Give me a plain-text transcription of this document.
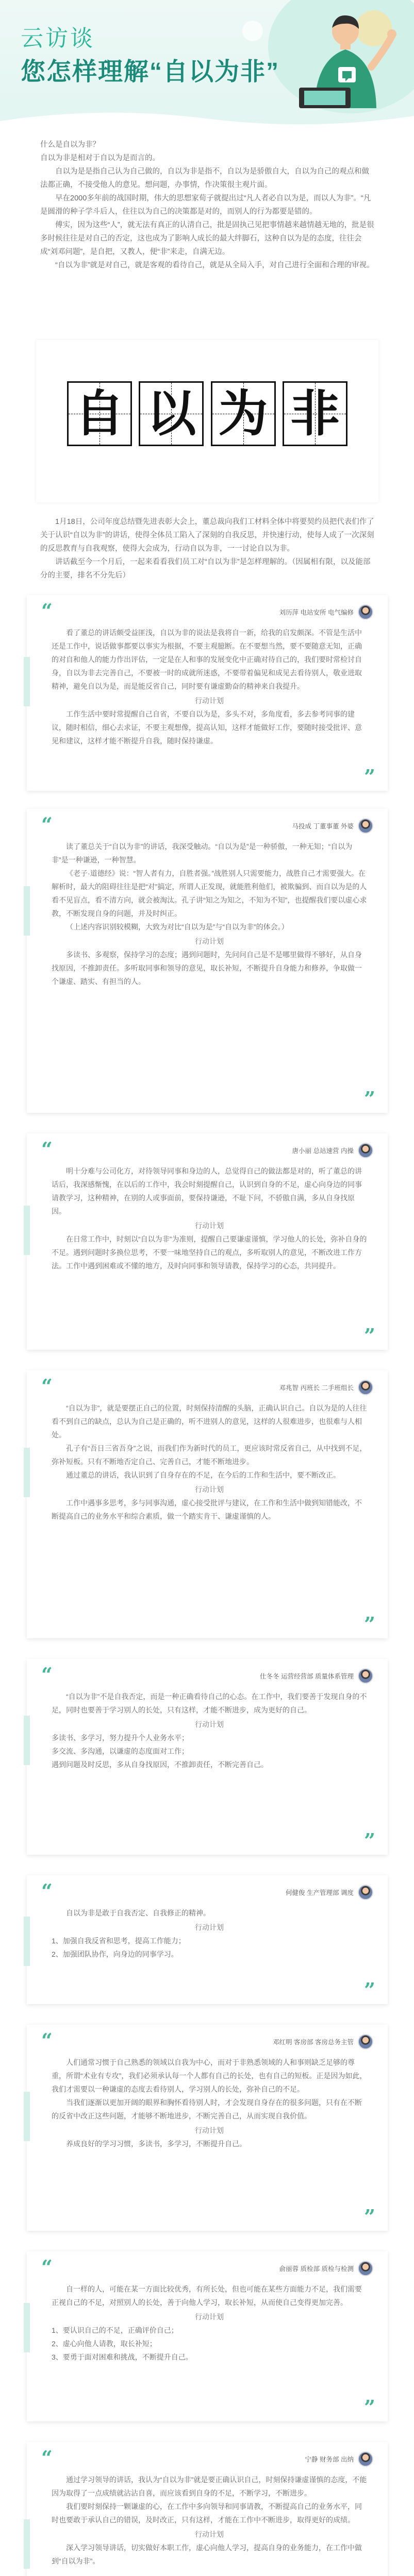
云访谈
您怎样理解“自以为非”

什么是自以为非？

自以为非是相对于自以为是而言的。

自以为是是指自己认为自己做的，自以为非是指不，自以为是骄傲自大，自以为自己的观点和做法都正确，不接受他人的意见。想问题，办事情，作决策很主观片面。

早在2000多年前的战国时期，伟大的思想家荀子就提出过“凡人者必自以为是，而以人为非”。“凡是圆滑的种子学斗后人，住往以为自己的决策都是对的，而别人的行为都要是错的。

傅实，因为这些“人”，就无法有真正的认清自己，批是固执己见把事情越来越情越无地的，批是很多时候往往是对自己的否定，这也成为了影响人成长的最大绊脚石，这种自以为是的态度，往往会成“刘邓问题”，是自把，又教人，便“非”来走，自满无边。

“自以为非”就是对自己，就是客观的看待自己，就是从全局入手，对自己进行全面和合理的审视。

自 以 为 非

1月18日，公司年度总结暨先进表彰大会上，董总裁向我们工材料全体中将要契约员把代表们作了关于认识“自以为非”的讲话，使得全体员工陷入了深刻的自我反思，并快速行动，使每人成了一次深刻的反思教育与自我观察，使得大会成为，行动自以为非，一一讨论自以为非。

讲话截至今一个月后，一起来看看我们员工对“自以为非”是怎样理解的。（因属相有限，以及能部分的主要，排名不分先后）

“	刘历萍 电站安所 电气编修

看了董总的讲话颇受益匪浅，自以为非的说法是我将自一新，给我的启发颇深。不管是生活中还是工作中，说话做事都要以事实为根据，不要主观臆断。在不要想当然，要不要随意无知，正确的对自和他人的能力作出评估，一定是在人和事的发展变化中正确对待自己的，我们要时常检讨自身，自以为非去完善自己，不要被一时的成就所迷惑，不要带着偏见和成见去看待别人，敬业进取精神，避免自以为是，而是能反省自己，同时要有谦虚勤奋的精神来自我提升。

行动计划

工作生活中要时常提醒自己自省，不要自以为是，多头不对，多角度看，多去参考同事的建议，随时相信，细心去求证，不要主观想像，提高认知，这样才能做好工作，要随时接受批评、意见和建议，这样才能不断提升自我，随时保持谦虚。

”
“	马投成 丁董事董 外婆

读了董总关于“自以为非”的讲话，我深受触动。“自以为是”是一种骄傲，一种无知；“自以为非”是一种谦逊，一种智慧。

《老子·道德经》说：“智人者有力，自胜者强。”战胜别人只需要能力，战胜自己才需要强大。在解析时，最大的阻碍往往是把“对”搞定，所谓人正发现，就能胜利他们，被欺骗到、而自以为是的人看不见盲点，看不清方向，就会被淘汰。孔子讲“知之为知之，不知为不知”，也提醒我们要以虚心求教，不断发现自身的问题，并及时纠正。

（上述内容识别较模糊，大致为对比“自以为是”与“自以为非”的体会。）

行动计划

多读书、多观察，保持学习的态度；遇到问题时，先问问自己是不是哪里做得不够好，从自身找原因，不推卸责任。多听取同事和领导的意见，取长补短，不断提升自身能力和修养，争取做一个谦虚、踏实、有担当的人。

”
“	唐小丽 总站速营 内操

明十分难与公司化方，对待领导同事和身边的人，总觉得自己的做法都是对的，听了董总的讲话后，我深感惭愧，在以后的工作中，我会时刻提醒自己，认识到自身的不足，虚心向身边的同事请教学习，这种精神，在别的人或事面前，要保持谦逊，不耻下问，不骄傲自满，多从自身找原因。

行动计划

在日常工作中，时刻以“自以为非”为准则，提醒自己要谦虚谨慎，学习他人的长处，弥补自身的不足。遇到问题时多换位思考，不要一味地坚持自己的观点，多听取别人的意见，不断改进工作方法。工作中遇到困难或不懂的地方，及时向同事和领导请教，保持学习的心态，共同提升。

”
“	邓兆智 丙班长 二手班组长

“自以为非”，就是要摆正自己的位置，时刻保持清醒的头脑，正确认识自己。自以为是的人往往看不到自己的缺点，总认为自己是正确的，听不进别人的意见，这样的人很难进步，也很难与人相处。

孔子有“吾日三省吾身”之说，而我们作为新时代的员工，更应该时常反省自己，从中找到不足，弥补短板。只有不断地否定自己、完善自己，才能不断地进步。

通过董总的讲话，我认识到了自身存在的不足，在今后的工作和生活中，要不断改正。

行动计划

工作中遇事多思考，多与同事沟通，虚心接受批评与建议，在工作和生活中做到知错能改，不断提高自己的业务水平和综合素质，做一个踏实肯干、谦虚谨慎的人。

”
“	仕冬冬 运营经营部 质量体系管理

“自以为非”不是自我否定，而是一种正确看待自己的心态。在工作中，我们要善于发现自身的不足，同时也要善于学习别人的长处，只有这样，才能不断进步，成为更好的自己。

行动计划

多读书、多学习，努力提升个人业务水平；

多交流、多沟通，以谦虚的态度面对工作；

遇到问题及时反思，多从自身找原因，不推卸责任，不断完善自己。

”
“	何健俊 生产管理部 调度

自以为非是敢于自我否定、自我修正的精神。

行动计划

1、加强自我反省和思考，提高工作能力；

2、加强团队协作，向身边的同事学习。

”
“	邓红明 客房部 客房总务主管

人们通常习惯于自己熟悉的领域以自我为中心，而对于非熟悉领域的人和事则缺乏足够的尊重，所谓“术业有专攻”，我们必须承认每一个人都有自己的长处，也有自己的短板。正是因为如此，我们才需要以一种谦虚的态度去看待别人，学习别人的长处，弥补自己的不足。

当我们逐渐以更加开阔的眼界和胸怀看待别人时，才会发现自身存在的很多问题，只有在不断的反省中改正这些问题，才能够不断地进步，不断完善自己，从而实现自我价值。

行动计划

养成良好的学习习惯，多读书，多学习，不断提升自己。

”
“	俞丽蓉 质检部 质检与检测

自一样的人，可能在某一方面比较优秀，有所长处，但也可能在某些方面能力不足，我们需要正视自己的不足，对照别人的长处，善于向他人学习，取长补短，从而使自己变得更加完善。

行动计划

1、要认识自己的不足，正确评价自己；

2、虚心向他人请教，取长补短；

3、要勇于面对困难和挑战，不断提升自己。

”
“	宁静 财务部 出纳

通过学习领导的讲话，我认为“自以为非”就是要正确认识自己，时刻保持谦虚谨慎的态度，不能因为取得了一点成绩就沾沾自喜，而应该看到自身的不足，不断学习，不断进步。

我们要时刻保持一颗谦虚的心，在工作中多向领导和同事请教，不断提高自己的业务水平，同时也要敢于承认自己的错误，及时改正，只有这样，才能在工作中不断进步，取得更好的成绩。

行动计划

深入学习领导讲话，切实做好本职工作，虚心向他人学习，提高自身的业务能力，在工作中做到“自以为非”。
